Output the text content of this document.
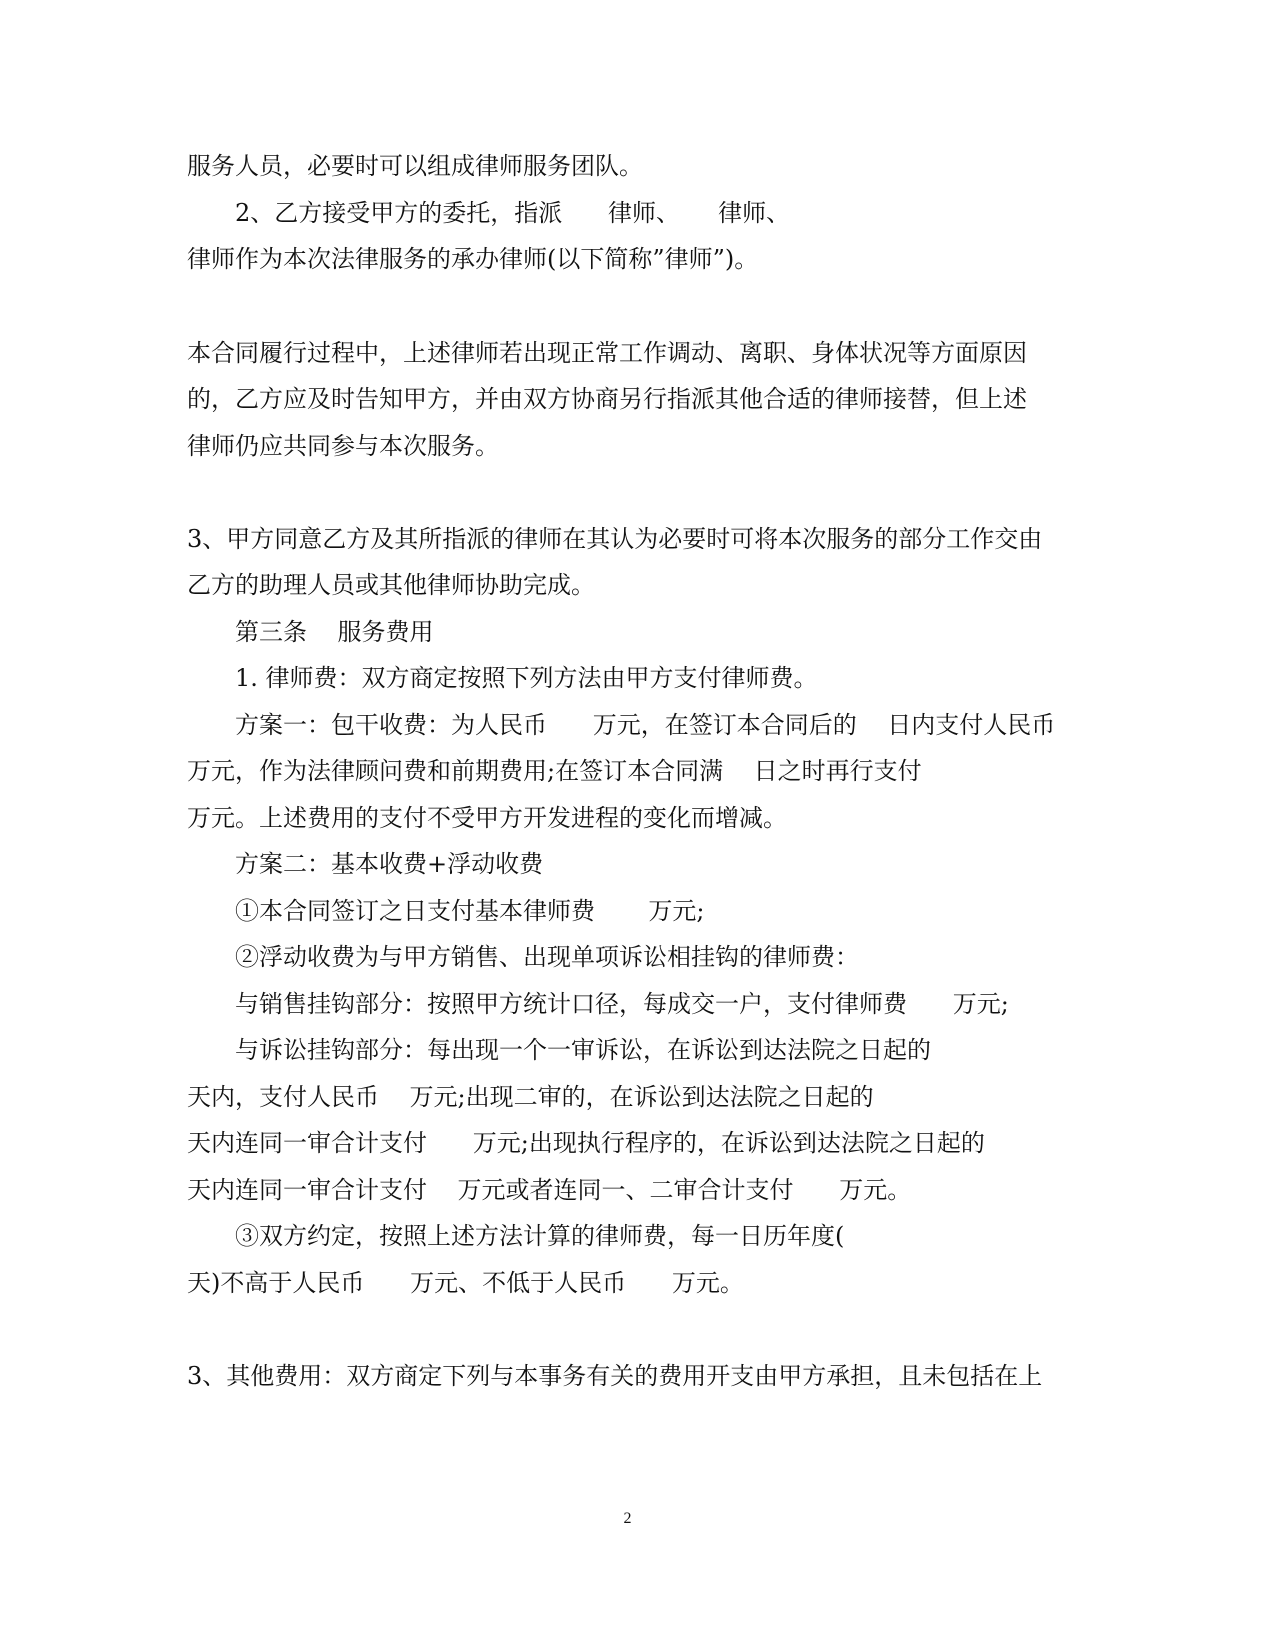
服务人员，必要时可以组成律师服务团队。

2、乙方接受甲方的委托，指派      律师、     律师、

律师作为本次法律服务的承办律师(以下简称”律师”)。

本合同履行过程中，上述律师若出现正常工作调动、离职、身体状况等方面原因

的，乙方应及时告知甲方，并由双方协商另行指派其他合适的律师接替，但上述

律师仍应共同参与本次服务。

3、甲方同意乙方及其所指派的律师在其认为必要时可将本次服务的部分工作交由

乙方的助理人员或其他律师协助完成。

第三条    服务费用

1. 律师费：双方商定按照下列方法由甲方支付律师费。

方案一：包干收费：为人民币      万元，在签订本合同后的    日内支付人民币

万元，作为法律顾问费和前期费用;在签订本合同满    日之时再行支付

万元。上述费用的支付不受甲方开发进程的变化而增减。

方案二：基本收费+浮动收费

①本合同签订之日支付基本律师费       万元;

②浮动收费为与甲方销售、出现单项诉讼相挂钩的律师费：

与销售挂钩部分：按照甲方统计口径，每成交一户，支付律师费      万元;

与诉讼挂钩部分：每出现一个一审诉讼，在诉讼到达法院之日起的

天内，支付人民币    万元;出现二审的，在诉讼到达法院之日起的

天内连同一审合计支付      万元;出现执行程序的，在诉讼到达法院之日起的

天内连同一审合计支付    万元或者连同一、二审合计支付      万元。

③双方约定，按照上述方法计算的律师费，每一日历年度(

天)不高于人民币      万元、不低于人民币      万元。

3、其他费用：双方商定下列与本事务有关的费用开支由甲方承担，且未包括在上

2
